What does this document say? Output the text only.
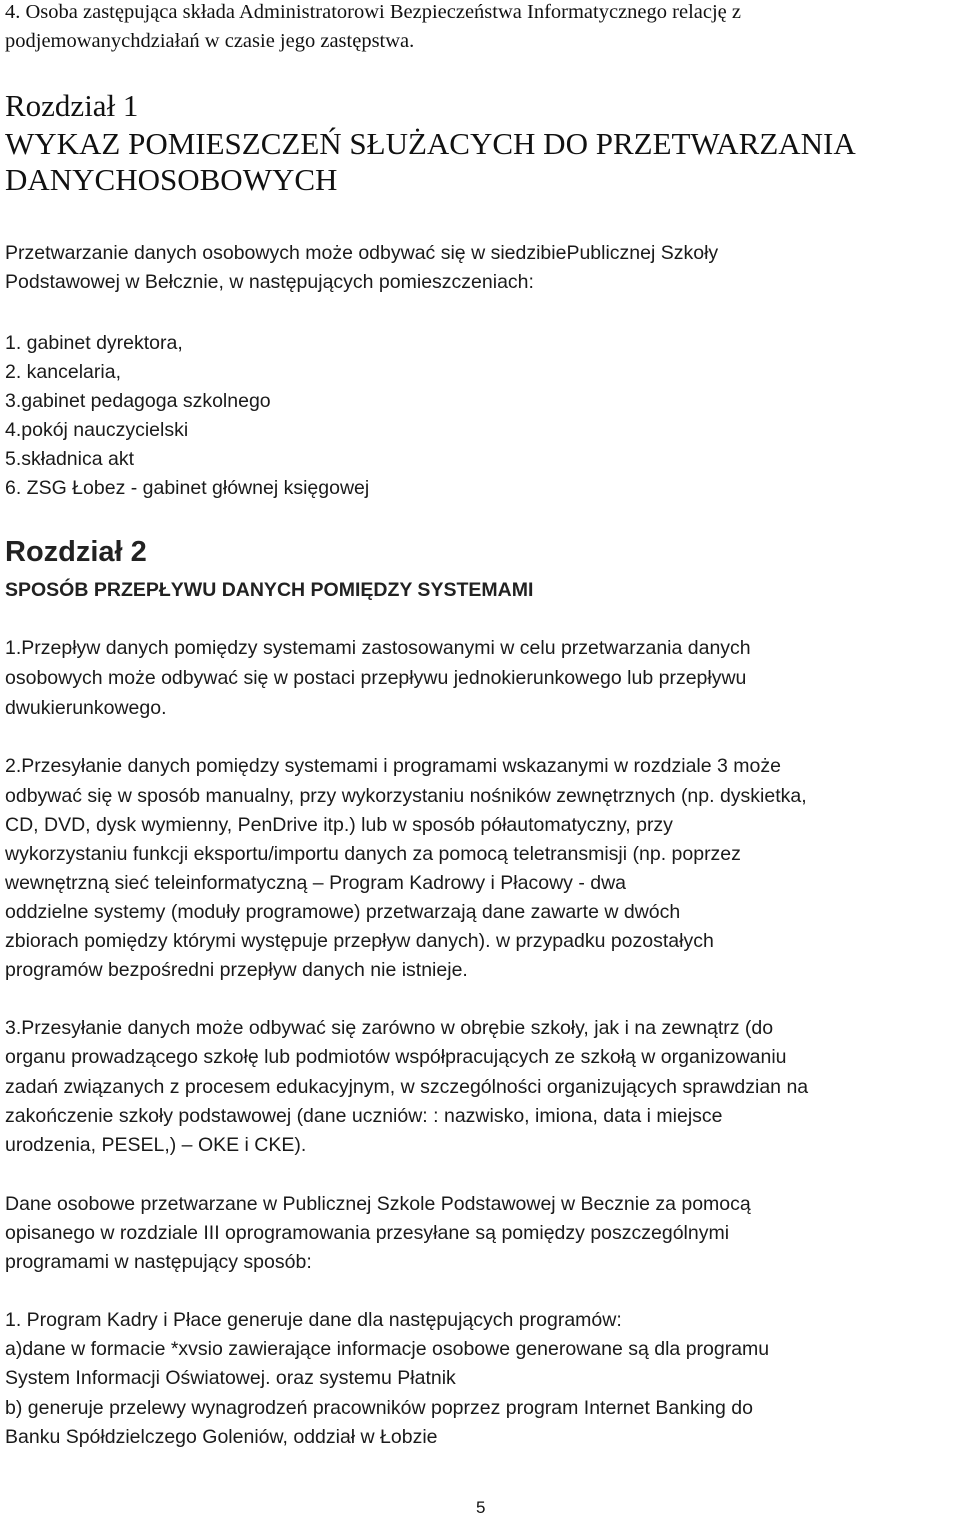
4. Osoba zastępująca składa Administratorowi Bezpieczeństwa Informatycznego relację z
podjemowanychdziałań w czasie jego zastępstwa.
Rozdział 1
WYKAZ POMIESZCZEŃ SŁUŻACYCH DO PRZETWARZANIA
DANYCHOSOBOWYCH
Przetwarzanie danych osobowych może odbywać się w siedzibiePublicznej Szkoły
Podstawowej w Bełcznie, w następujących pomieszczeniach:
1. gabinet dyrektora,
2. kancelaria,
3.gabinet pedagoga szkolnego
4.pokój nauczycielski
5.składnica akt
6. ZSG Łobez - gabinet głównej księgowej
Rozdział 2
SPOSÓB PRZEPŁYWU DANYCH POMIĘDZY SYSTEMAMI
1.Przepływ danych pomiędzy systemami zastosowanymi w celu przetwarzania danych
osobowych może odbywać się w postaci przepływu jednokierunkowego lub przepływu
dwukierunkowego.
2.Przesyłanie danych pomiędzy systemami i programami wskazanymi w rozdziale 3 może
odbywać się w sposób manualny, przy wykorzystaniu nośników zewnętrznych (np. dyskietka,
CD, DVD, dysk wymienny, PenDrive itp.) lub w sposób półautomatyczny, przy
wykorzystaniu funkcji eksportu/importu danych za pomocą teletransmisji (np. poprzez
wewnętrzną sieć teleinformatyczną – Program Kadrowy i Płacowy - dwa
oddzielne systemy (moduły programowe) przetwarzają dane zawarte w dwóch
zbiorach pomiędzy którymi występuje przepływ danych). w przypadku pozostałych
programów bezpośredni przepływ danych nie istnieje.
3.Przesyłanie danych może odbywać się zarówno w obrębie szkoły, jak i na zewnątrz (do
organu prowadzącego szkołę lub podmiotów współpracujących ze szkołą w organizowaniu
zadań związanych z procesem edukacyjnym, w szczególności organizujących sprawdzian na
zakończenie szkoły podstawowej (dane uczniów: : nazwisko, imiona, data i miejsce
urodzenia, PESEL,) – OKE i CKE).
Dane osobowe przetwarzane w Publicznej Szkole Podstawowej w Becznie za pomocą
opisanego w rozdziale III oprogramowania przesyłane są pomiędzy poszczególnymi
programami w następujący sposób:
1. Program Kadry i Płace generuje dane dla następujących programów:
a)dane w formacie *xvsio zawierające informacje osobowe generowane są dla programu
System Informacji Oświatowej. oraz systemu Płatnik
b) generuje przelewy wynagrodzeń pracowników poprzez program Internet Banking do
Banku Spółdzielczego Goleniów, oddział w Łobzie
5
